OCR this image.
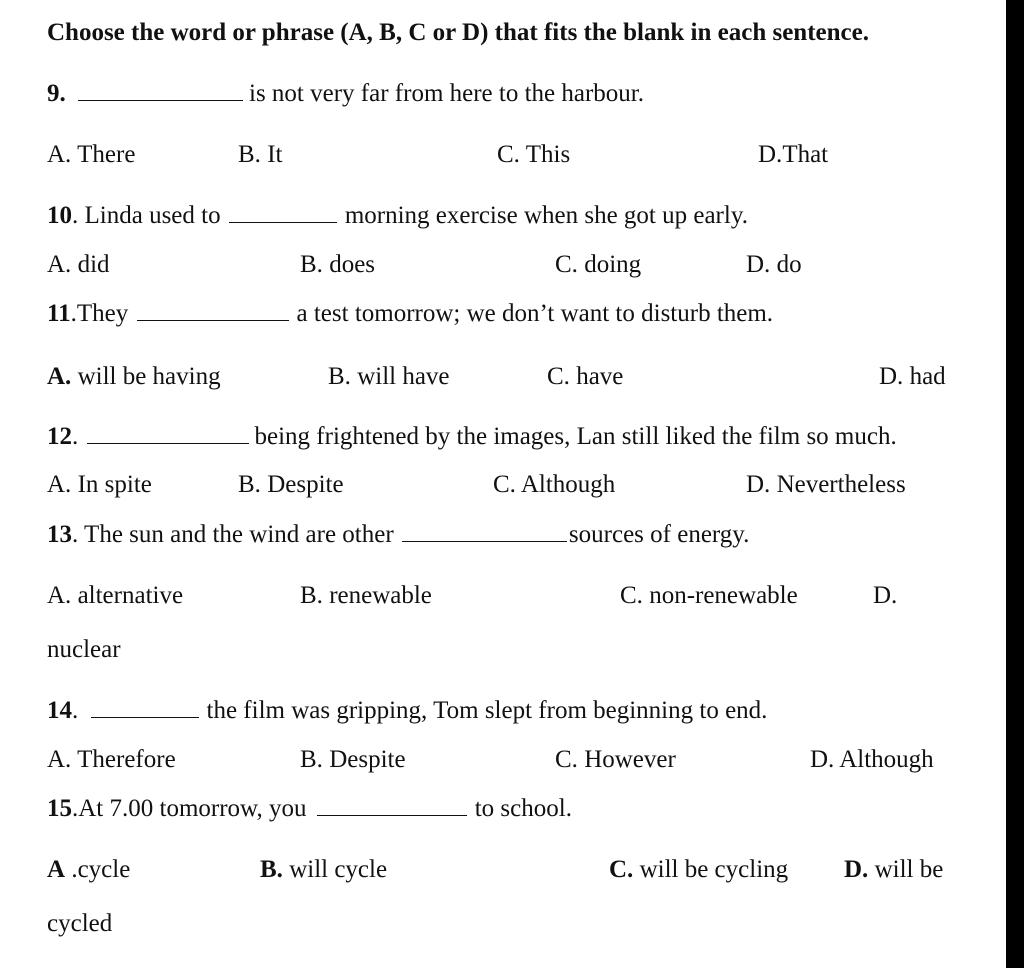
Choose the word or phrase (A, B, C or D) that fits the blank in each sentence.
9.	is not very far from here to the harbour.
A. There	B. It	C. This	D.That
10. Linda used to	morning exercise when she got up early.
A. did	B. does	C. doing	D. do
11.They	a test tomorrow; we don’t want to disturb them.
A. will be having	B. will have	C. have	D. had
12.	being frightened by the images, Lan still liked the film so much.
A. In spite	B. Despite	C. Although	D. Nevertheless
13. The sun and the wind are other	sources of energy.
A. alternative	B. renewable	C. non-renewable	D.
nuclear
14.	the film was gripping, Tom slept from beginning to end.
A. Therefore	B. Despite	C. However	D. Although
15.At 7.00 tomorrow, you	to school.
A .cycle	B. will cycle	C. will be cycling D. will be
cycled
